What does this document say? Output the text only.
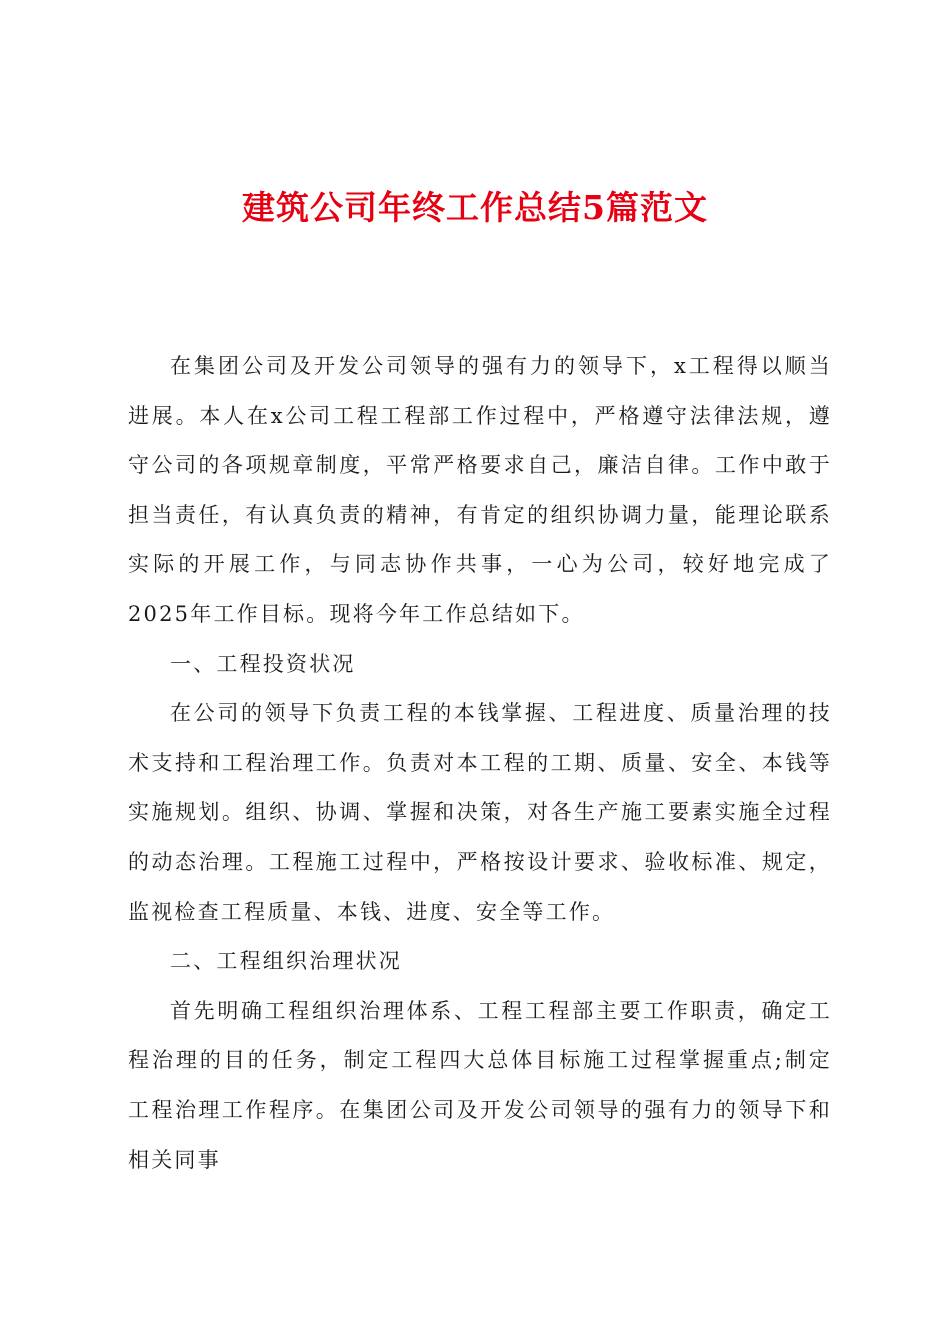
建筑公司年终工作总结5篇范文

在集团公司及开发公司领导的强有力的领导下，x工程得以顺当进展。本人在x公司工程工程部工作过程中，严格遵守法律法规，遵守公司的各项规章制度，平常严格要求自己，廉洁自律。工作中敢于担当责任，有认真负责的精神，有肯定的组织协调力量，能理论联系实际的开展工作，与同志协作共事，一心为公司，较好地完成了2025年工作目标。现将今年工作总结如下。

一、工程投资状况

在公司的领导下负责工程的本钱掌握、工程进度、质量治理的技术支持和工程治理工作。负责对本工程的工期、质量、安全、本钱等实施规划。组织、协调、掌握和决策，对各生产施工要素实施全过程的动态治理。工程施工过程中，严格按设计要求、验收标准、规定，监视检查工程质量、本钱、进度、安全等工作。

二、工程组织治理状况

首先明确工程组织治理体系、工程工程部主要工作职责，确定工程治理的目的任务，制定工程四大总体目标施工过程掌握重点;制定工程治理工作程序。在集团公司及开发公司领导的强有力的领导下和相关同事
